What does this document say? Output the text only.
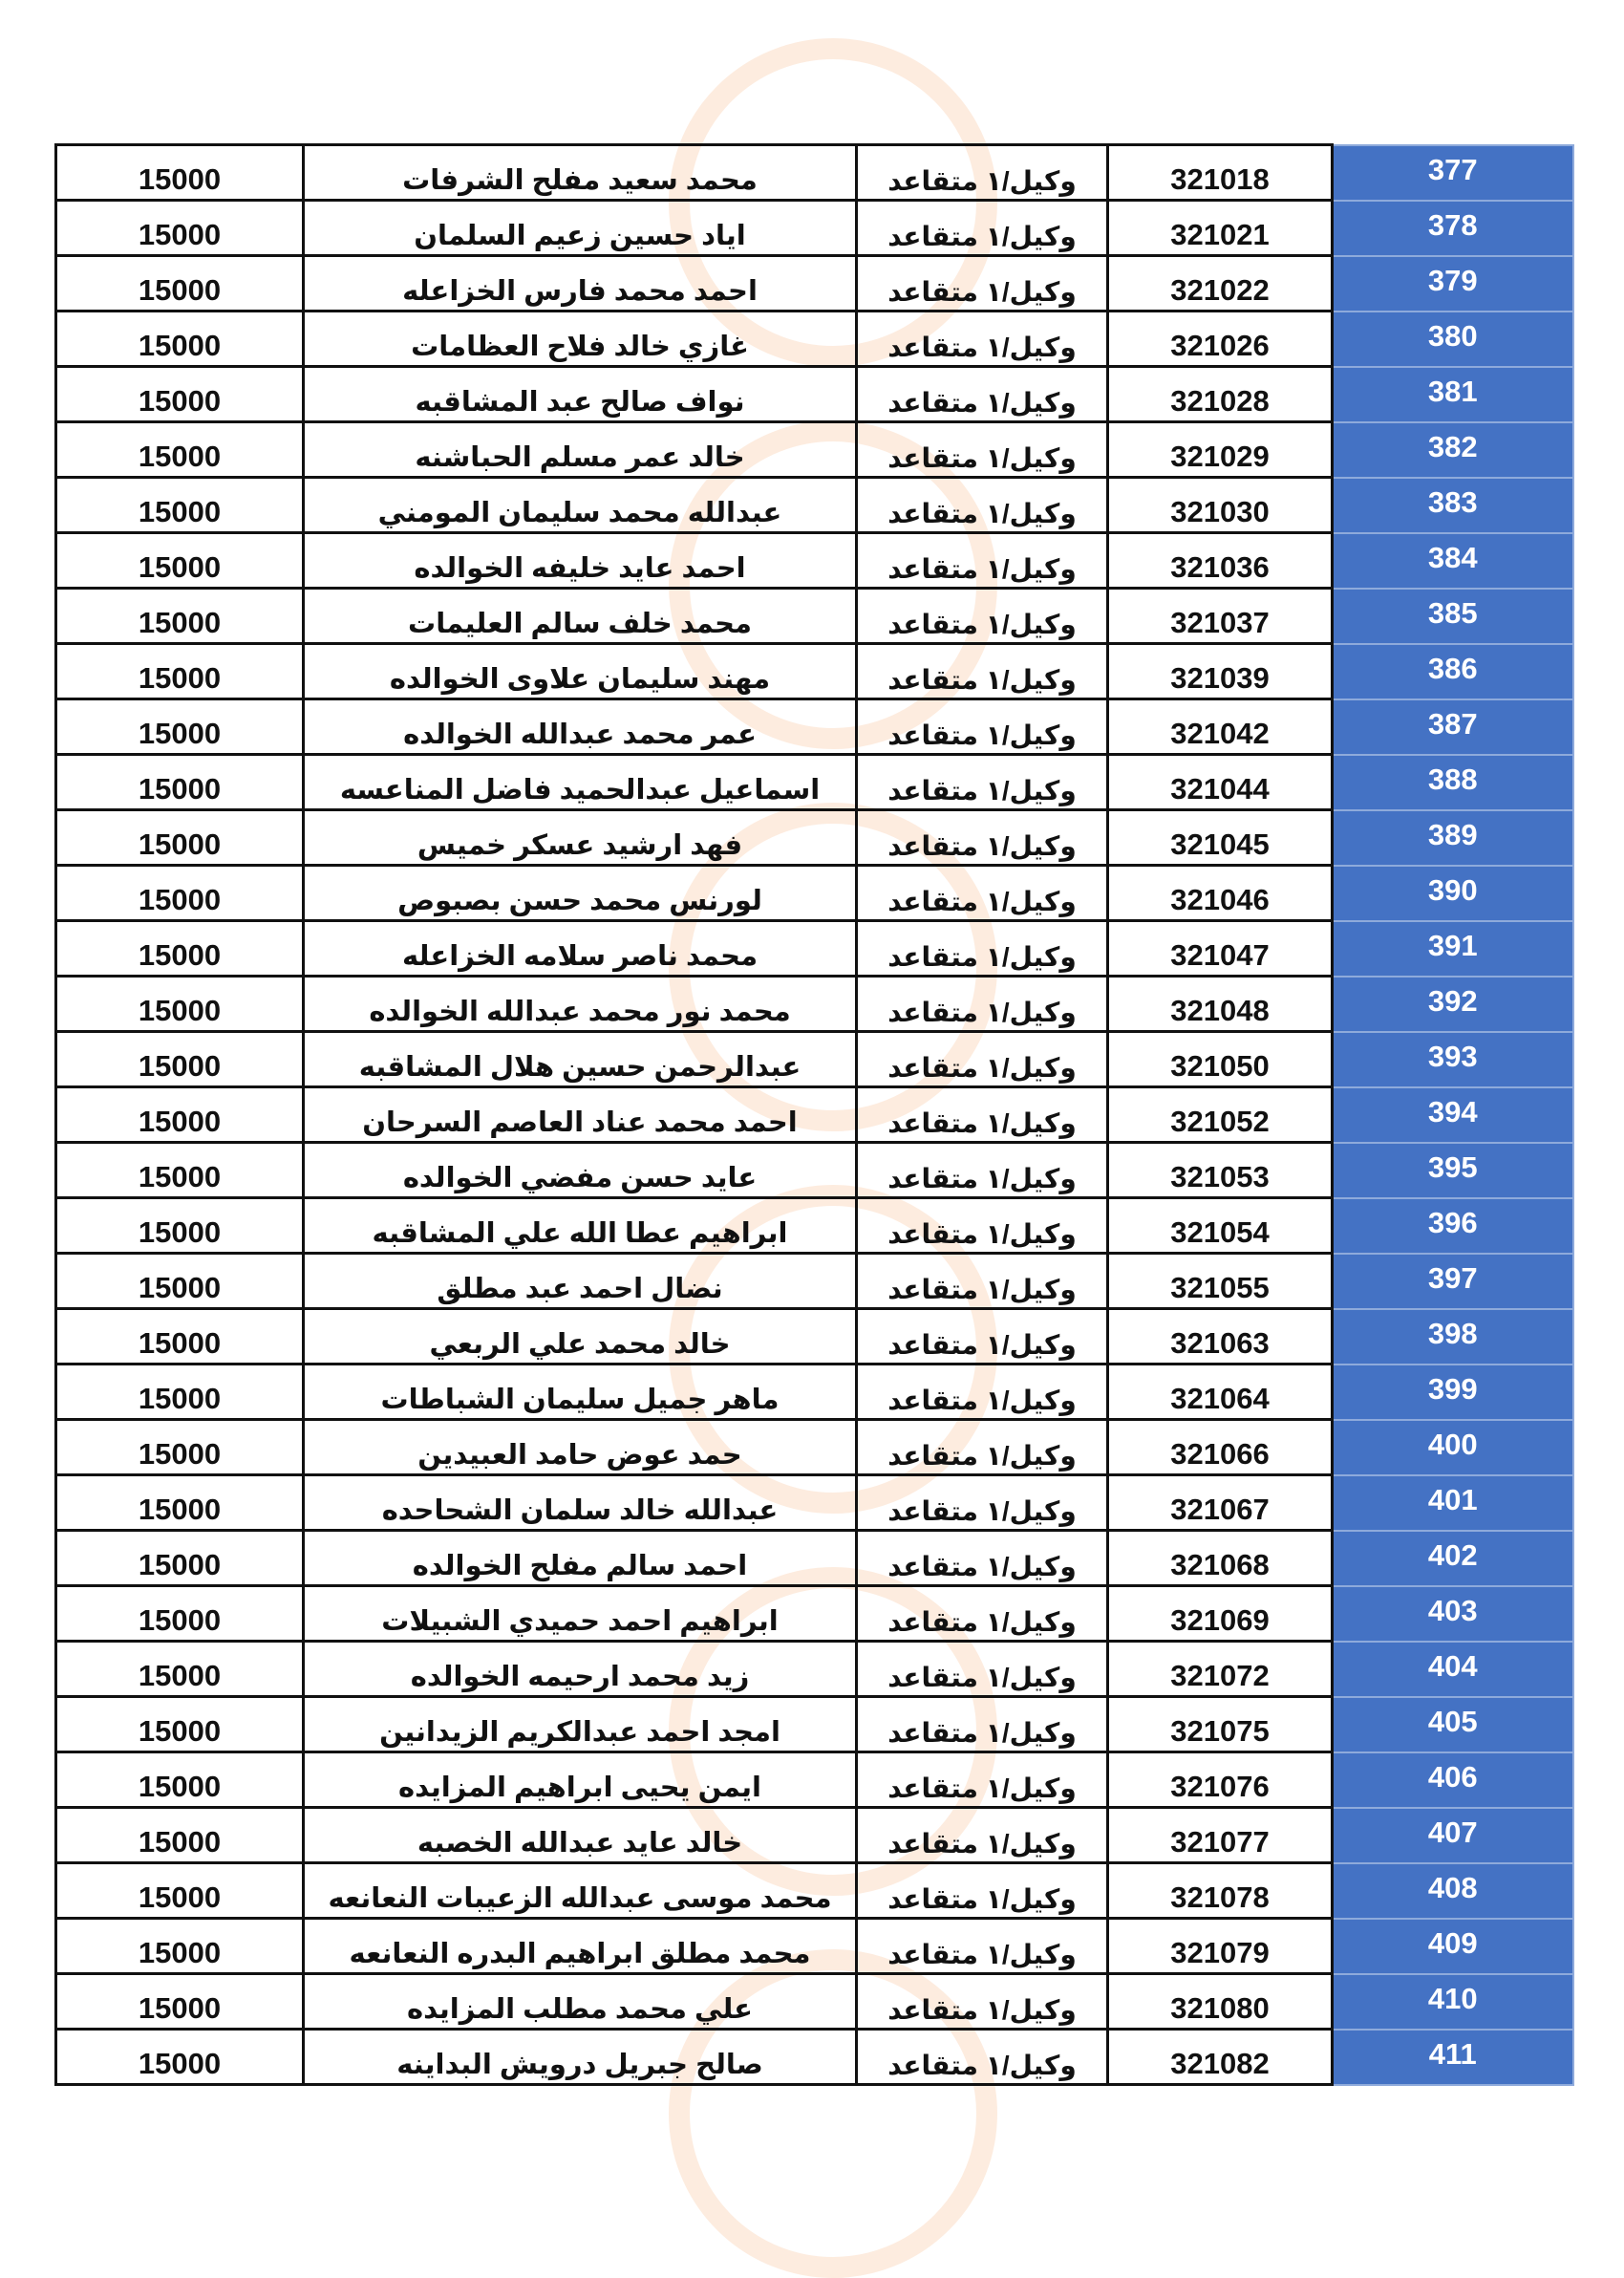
15000	محمد سعيد مفلح الشرفات	وكيل/١ متقاعد	321018	377
15000	اياد حسين زعيم السلمان	وكيل/١ متقاعد	321021	378
15000	احمد محمد فارس الخزاعله	وكيل/١ متقاعد	321022	379
15000	غازي خالد فلاح العظامات	وكيل/١ متقاعد	321026	380
15000	نواف صالح عبد المشاقبه	وكيل/١ متقاعد	321028	381
15000	خالد عمر مسلم الحباشنه	وكيل/١ متقاعد	321029	382
15000	عبدالله محمد سليمان المومني	وكيل/١ متقاعد	321030	383
15000	احمد عايد خليفه الخوالده	وكيل/١ متقاعد	321036	384
15000	محمد خلف سالم العليمات	وكيل/١ متقاعد	321037	385
15000	مهند سليمان علاوى الخوالده	وكيل/١ متقاعد	321039	386
15000	عمر محمد عبدالله الخوالده	وكيل/١ متقاعد	321042	387
15000	اسماعيل عبدالحميد فاضل المناعسه	وكيل/١ متقاعد	321044	388
15000	فهد ارشيد عسكر خميس	وكيل/١ متقاعد	321045	389
15000	لورنس محمد حسن بصبوص	وكيل/١ متقاعد	321046	390
15000	محمد ناصر سلامه الخزاعله	وكيل/١ متقاعد	321047	391
15000	محمد نور محمد عبدالله الخوالده	وكيل/١ متقاعد	321048	392
15000	عبدالرحمن حسين هلال المشاقبه	وكيل/١ متقاعد	321050	393
15000	احمد محمد عناد العاصم السرحان	وكيل/١ متقاعد	321052	394
15000	عايد حسن مفضي الخوالده	وكيل/١ متقاعد	321053	395
15000	ابراهيم عطا الله علي المشاقبه	وكيل/١ متقاعد	321054	396
15000	نضال احمد عبد مطلق	وكيل/١ متقاعد	321055	397
15000	خالد محمد علي الربعي	وكيل/١ متقاعد	321063	398
15000	ماهر جميل سليمان الشباطات	وكيل/١ متقاعد	321064	399
15000	حمد عوض حامد العبيدين	وكيل/١ متقاعد	321066	400
15000	عبدالله خالد سلمان الشحاحده	وكيل/١ متقاعد	321067	401
15000	احمد سالم مفلح الخوالده	وكيل/١ متقاعد	321068	402
15000	ابراهيم احمد حميدي الشبيلات	وكيل/١ متقاعد	321069	403
15000	زيد محمد ارحيمه الخوالده	وكيل/١ متقاعد	321072	404
15000	امجد احمد عبدالكريم الزيدانين	وكيل/١ متقاعد	321075	405
15000	ايمن يحيى ابراهيم المزايده	وكيل/١ متقاعد	321076	406
15000	خالد عايد عبدالله الخصبه	وكيل/١ متقاعد	321077	407
15000	محمد موسى عبدالله الزعيبات النعانعه	وكيل/١ متقاعد	321078	408
15000	محمد مطلق ابراهيم البدره النعانعه	وكيل/١ متقاعد	321079	409
15000	علي محمد مطلب المزايده	وكيل/١ متقاعد	321080	410
15000	صالح جبريل درويش البداينه	وكيل/١ متقاعد	321082	411
